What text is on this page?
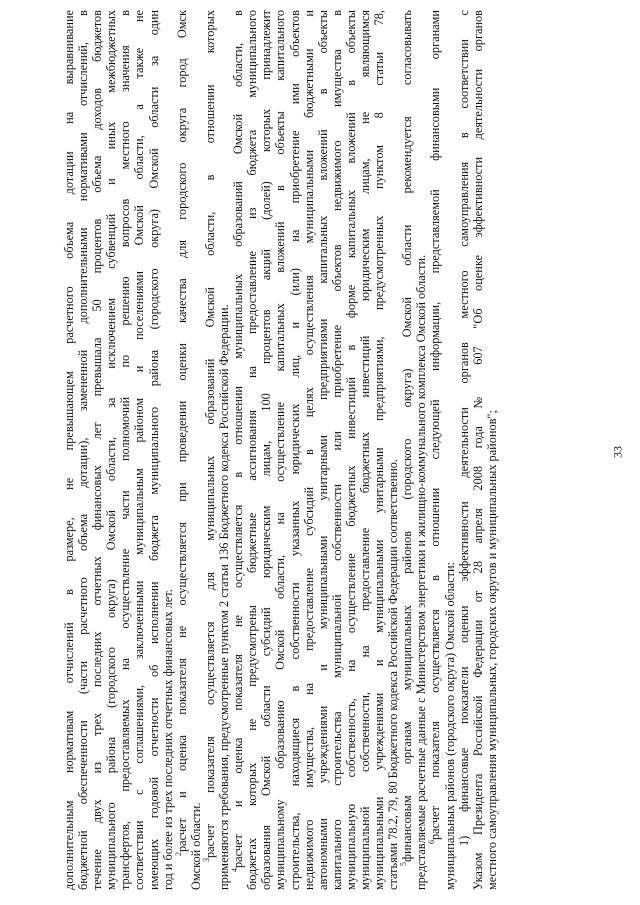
33
дополнительным нормативам отчислений в размере, не превышающем расчетного объема дотации на выравнивание бюджетной обеспеченности (части расчетного объема дотации), замененной дополнительными нормативами отчислений, в течение двух из трех последних отчетных финансовых лет превышала 50 процентов объема доходов бюджетов муниципального района (городского округа) Омской области, за исключением субвенций и иных межбюджетных трансфертов, предоставляемых на осуществление части полномочий по решению вопросов местного значения в соответствии с соглашениями, заключенными муниципальным районом и поселениями Омской области, а также не имеющих годовой отчетности об исполнении бюджета муниципального района (городского округа) Омской области за один год и более из трех последних отчетных финансовых лет. $^2$расчет и оценка показателя не осуществляется при проведении оценки качества для городского округа город Омск Омской области. $^3$расчет показателя осуществляется для муниципальных образований Омской области, в отношении которых применяются требования, предусмотренные пунктом 2 статьи 136 Бюджетного кодекса Российской Федерации. $^4$расчет и оценка показателя не осуществляется в отношении муниципальных образований Омской области, в бюджетах которых не предусмотрены бюджетные ассигнования на предоставление из бюджета муниципального образования Омской области субсидий юридическим лицам, 100 процентов акций (долей) которых принадлежит муниципальному образованию Омской области, на осуществление капитальных вложений в объекты капитального строительства, находящиеся в собственности указанных юридических лиц, и (или) на приобретение ими объектов недвижимого имущества, на предоставление субсидий в целях осуществления муниципальными бюджетными и автономными учреждениями и муниципальными унитарными предприятиями капитальных вложений в объекты капитального строительства муниципальной собственности или приобретение объектов недвижимого имущества в муниципальную собственность, на осуществление бюджетных инвестиций в форме капитальных вложений в объекты муниципальной собственности, на предоставление бюджетных инвестиций юридическим лицам, не являющимся муниципальными учреждениями и муниципальными унитарными предприятиями, предусмотренных пунктом 8 статьи 78, статьями 78.2, 79, 80 Бюджетного кодекса Российской Федерации соответственно. $^5$финансовым органам муниципальных районов (городского округа) Омской области рекомендуется согласовывать представляемые расчетные данные с Министерством энергетики и жилищно-коммунального комплекса Омской области. $^6$расчет показателя осуществляется в отношении следующей информации, представляемой финансовыми органами муниципальных районов (городского округа) Омской области: 1) финансовые показатели оценки эффективности деятельности органов местного самоуправления в соответствии с Указом Президента Российской Федерации от 28 апреля 2008 года № 607 "Об оценке эффективности деятельности органов местного самоуправления муниципальных, городских округов и муниципальных районов";
